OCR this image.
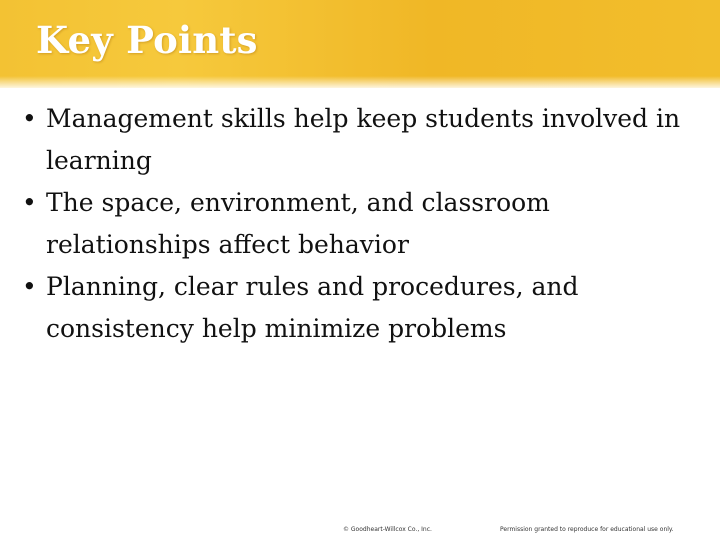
Key Points
• Management skills help keep students involved in learning
• The space, environment, and classroom relationships affect behavior
• Planning, clear rules and procedures, and consistency help minimize problems
© Goodheart-Willcox Co., Inc.	Permission granted to reproduce for educational use only.
